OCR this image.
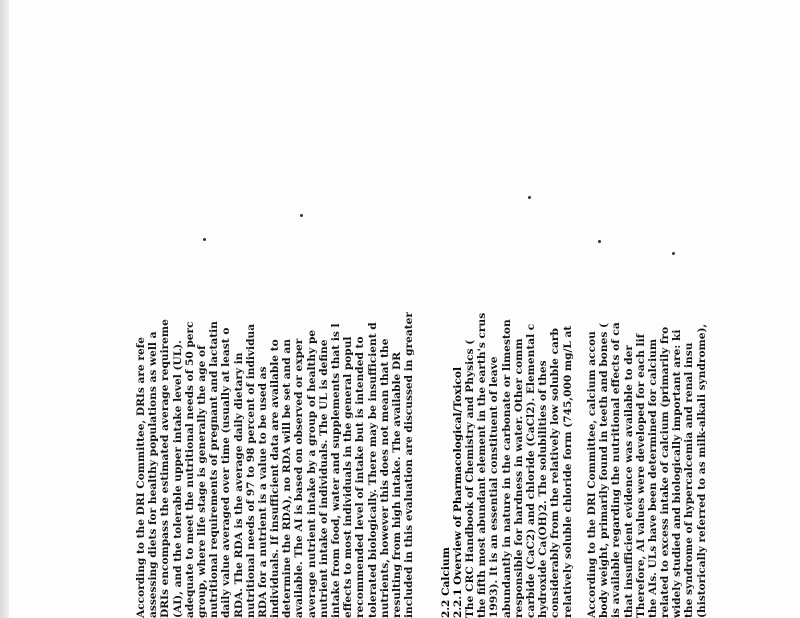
According to the DRI Committee, DRIs are refe assessing diets for healthy populations as well a DRIs encompass the estimated average requireme (AI), and the tolerable upper intake level (UL). adequate to meet the nutritional needs of 50 perc group, where life stage is generally the age of nutritional requirements of pregnant and lactatin daily value averaged over time (usually at least o RDA. The RDA is the average daily dietary in nutritional needs of 97 to 98 percent of individua RDA for a nutrient is a value to be used as individuals. If insufficient data are available to determine the RDA), no RDA will be set and an available. The AI is based on observed or exper average nutrient intake by a group of healthy pe nutrient intake of individuals. The UL is define intake from food, water and supplements that is l effects to most individuals in the general popul recommended level of intake but is intended to tolerated biologically. There may be insufficient d nutrients, however this does not mean that the resulting from high intake. The available DR included in this evaluation are discussed in greater 2.2 Calcium 2.2.1 Overview of Pharmacological/Toxicol The CRC Handbook of Chemistry and Physics ( the fifth most abundant element in the earth's crus 1993). It is an essential constituent of leave abundantly in nature in the carbonate or limeston responsible for hardness in water. Other comm carbide (CaC2) and chloride (CaCl2). Elemental c hydroxide Ca(OH)2. The solubilities of thes considerably from the relatively low soluble carb relatively soluble chloride form (745,000 mg/L at According to the DRI Committee, calcium accou body weight, primarily found in teeth and bones ( is available regarding the nutritional effects of ca that insufficient evidence was available to der Therefore, AI values were developed for each lif the AIs. ULs have been determined for calcium related to excess intake of calcium (primarily fro widely studied and biologically important are: ki the syndrome of hypercalcemia and renal insu (historically referred to as milk-alkali syndrome),
